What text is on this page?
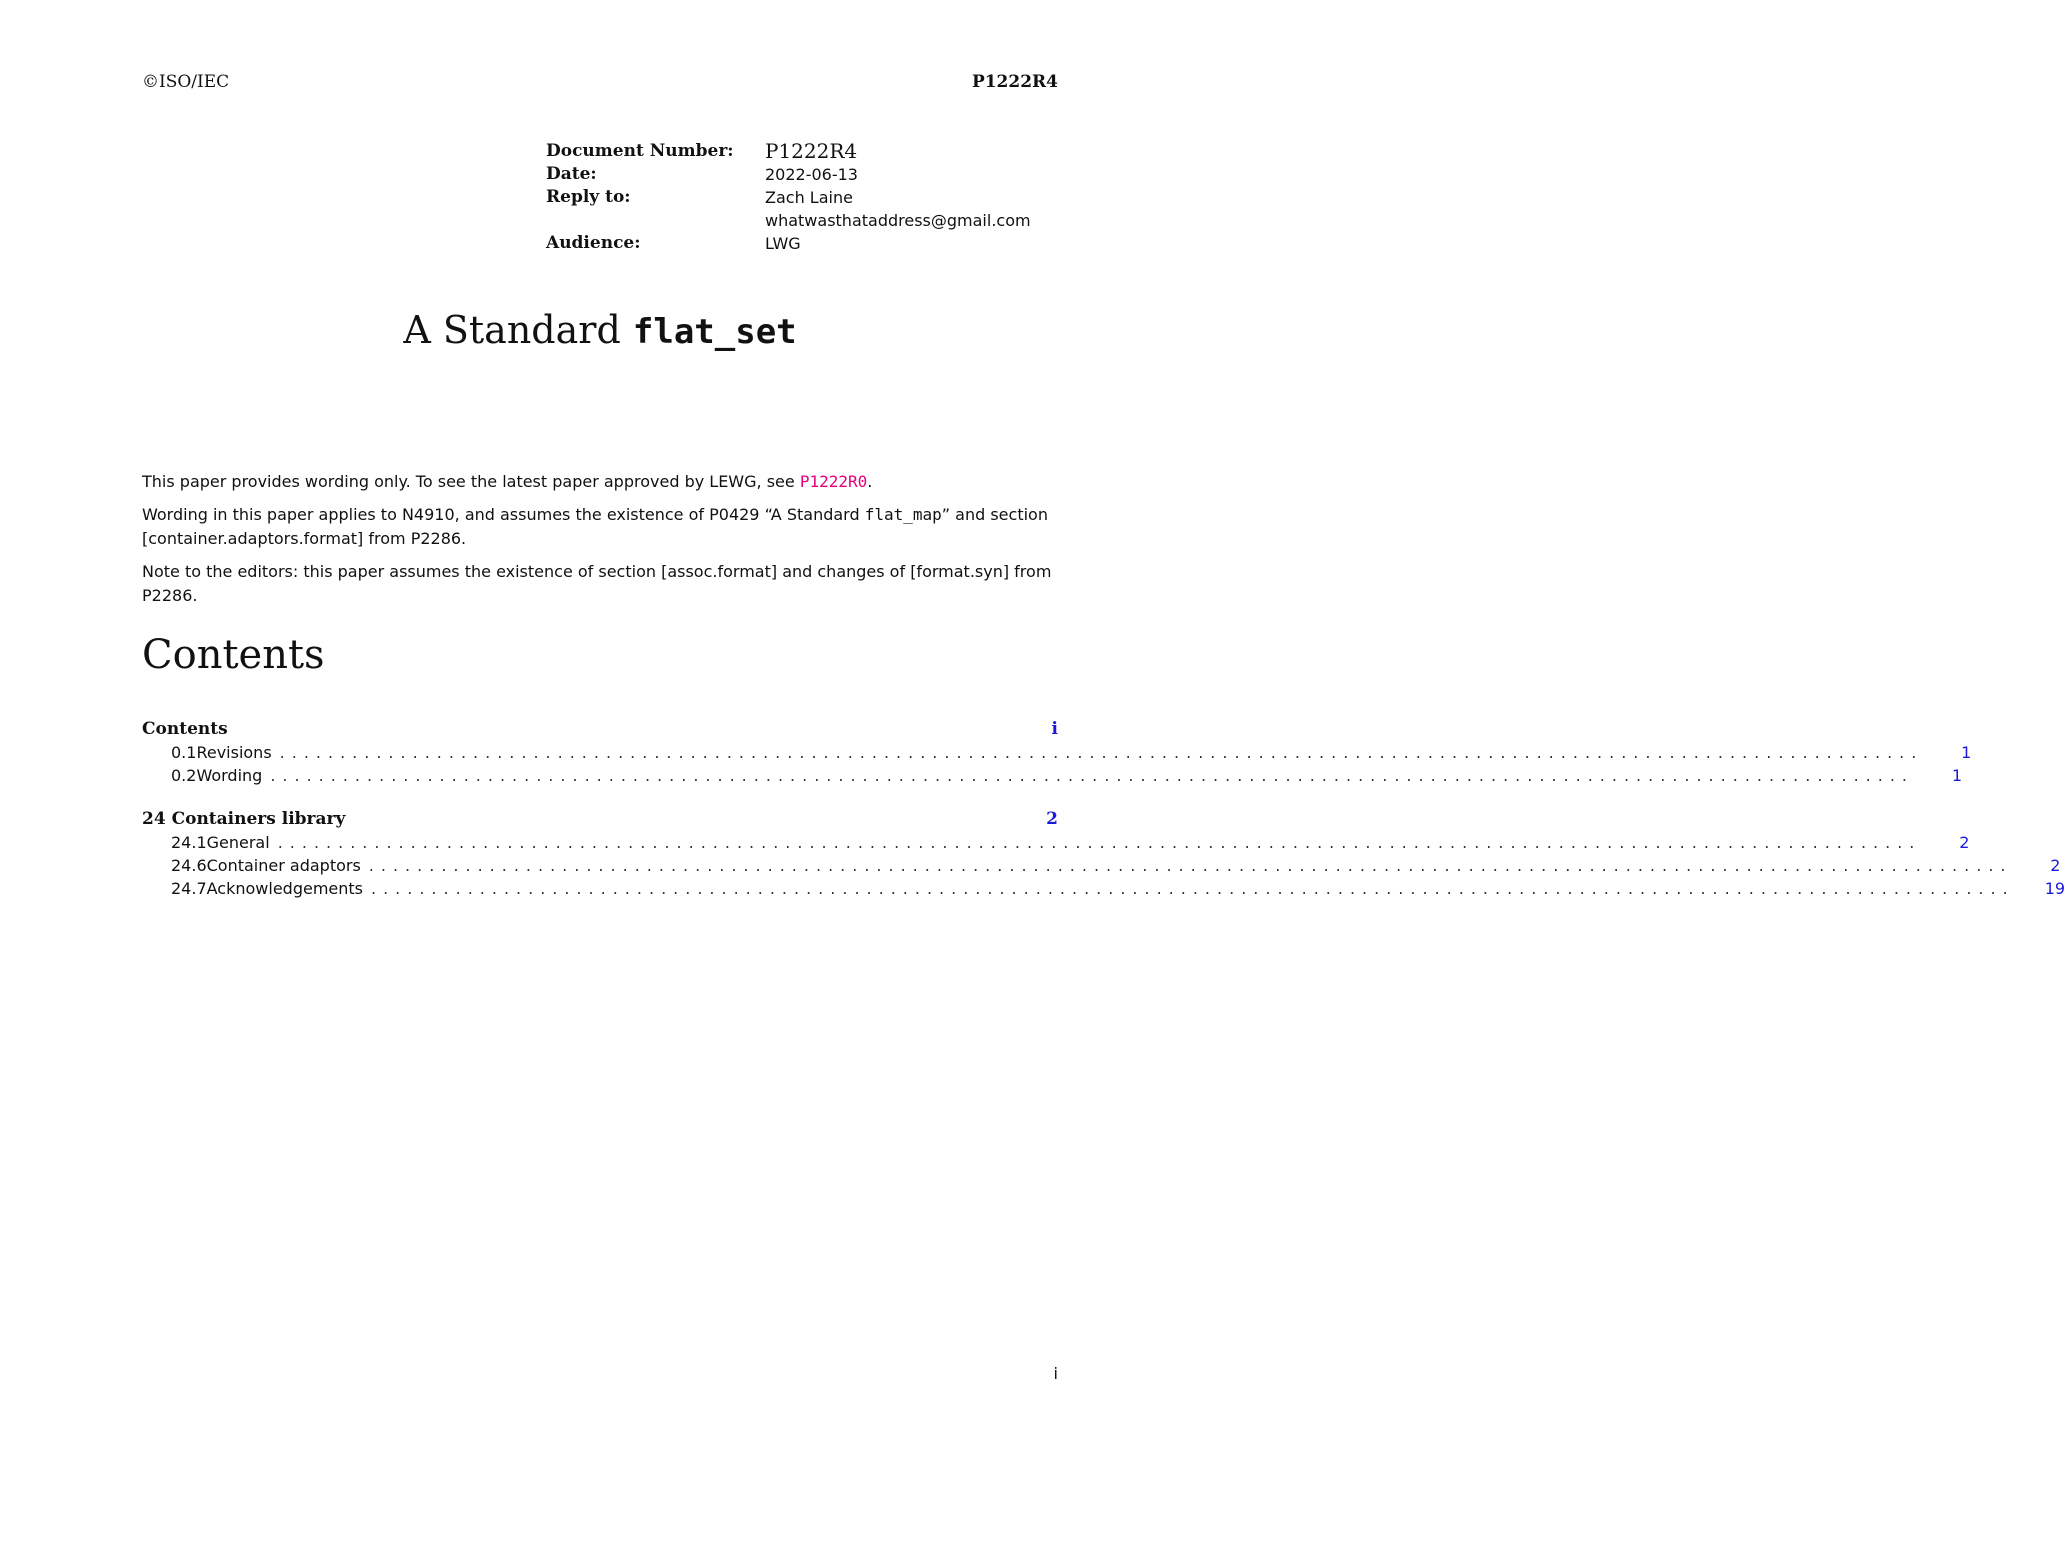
©ISO/IEC	P1222R4
Document Number:	P1222R4
Date:	2022-06-13
Reply to:	Zach Laine
whatwasthataddress@gmail.com
Audience:	LWG
A Standard flat_set

This paper provides wording only. To see the latest paper approved by LEWG, see P1222R0.

Wording in this paper applies to N4910, and assumes the existence of P0429 “A Standard flat_map” and section [container.adaptors.format] from P2286.

Note to the editors: this paper assumes the existence of section [assoc.format] and changes of [format.syn] from P2286.

Contents
Contents	i
0.1 Revisions ........................................................................................................................................	1
0.2 Wording ........................................................................................................................................	1
24 Containers library	2
24.1 General ........................................................................................................................................	2
24.6 Container adaptors ........................................................................................................................................	2
24.7 Acknowledgements ........................................................................................................................................ 19
i
